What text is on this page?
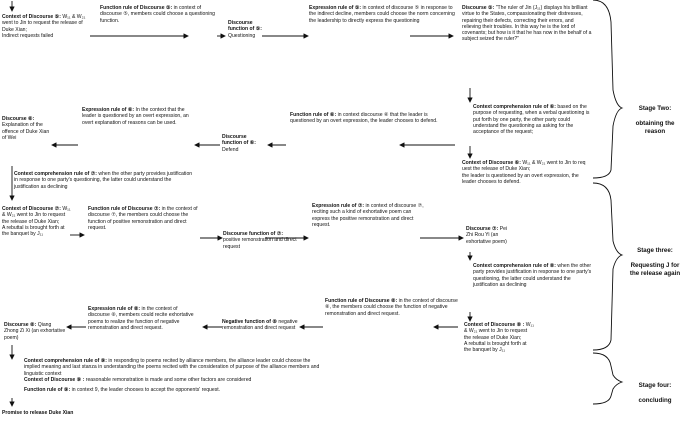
Context of Discourse ⑤: W₁₁ & W₂₁ went to Jin to request the release of Duke Xian;
Indirect requests failed
Function rule of Discourse ⑤: in context of discourse ⑤, members could choose a questioning function.	Discourse function of ⑤:
Questioning
Expression rule of ⑤: in context of discourse ⑤ in response to the indirect decline, members could choose the norm concerning the leadership to directly express the questioning
Discourse ⑤: "The ruler of Jin (J₁₁) displays his brilliant virtue to the States, compassionating their distresses, repairing their defects, correcting their errors, and relieving their troubles. In this way he is the lord of covenants; but how is it that he has now in the behalf of a subject seized the ruler?"
Context comprehension rule of ⑥: based on the purpose of requesting, when a verbal questioning is put forth by one party, the other party could understand the questioning as asking for the acceptance of the request;
Context of Discourse ⑥: W₁₁ & W₂₁ went to Jin to req uest the release of Duke Xian;
the leader is questioned by an overt expression, the leader chooses to defend.
Function rule of ⑥: in context discourse ⑥ that the leader is questioned by an overt expression, the leader chooses to defend.
Discourse function of ⑥: Defend
Expression rule of ⑥: In the context that the leader is questioned by an overt expression, an overt explanation of reasons can be used.
Discourse ⑥:
Explanation of the offence of Duke Xian of Wei
Context comprehension rule of ⑦: when the other party provides justification in response to one party's questioning, the latter could understand the justification as declining
Context of Discourse ⑦: W₁₁ & W₂₁ went to Jin to request the release of Duke Xian;
A rebuttal is brought forth at the banquet by J₁₁
Function rule of Discourse ⑦: in the context of discourse ⑦, the members could choose the function of positive remonstration and direct request.
Discourse function of ⑦:
positive remonstration and direct request
Expression rule of ⑦: in context of discourse ⑦, reciting such a kind of exhortative poem can express the positive remonstration and direct request.
Discourse ⑦: Pei Zhi Rou Yi (an exhortative poem)
Context comprehension rule of ⑧: when the other party provides justification in response to one party's questioning, the latter could understand the justification as declining
Context of Discourse ⑧ : W₁₁ & W₂₁ went to Jin to request the release of Duke Xian;
A rebuttal is brought forth at the banquet by J₁₁
Function rule of Discourse ⑧: in the context of discourse ⑧, the members could choose the function of negative remonstration and direct request.
Negative function of ⑧ negative remonstration and direct request
Expression rule of ⑧: in the context of discourse ⑧, members could recite exhortative poems to realize the function of negative remonstration and direct request.
Discourse ⑧: Qiang Zhong Zi Xi (an exhortative poem)
Context comprehension rule of ⑨: in responding to poems recited by alliance members, the alliance leader could choose the implied meaning and last stanza in understanding the poems recited with the consideration of purpose of the alliance members and linguistic context
Context of Discourse ⑨ : reasonable remonstration is made and some other factors are considered
Function rule of ⑨: in context 9, the leader chooses to accept the opponents' request.
Promise to release Duke Xian

Stage Two:

obtaining the reason

Stage three:

Requesting J for the release again

Stage four:

concluding
